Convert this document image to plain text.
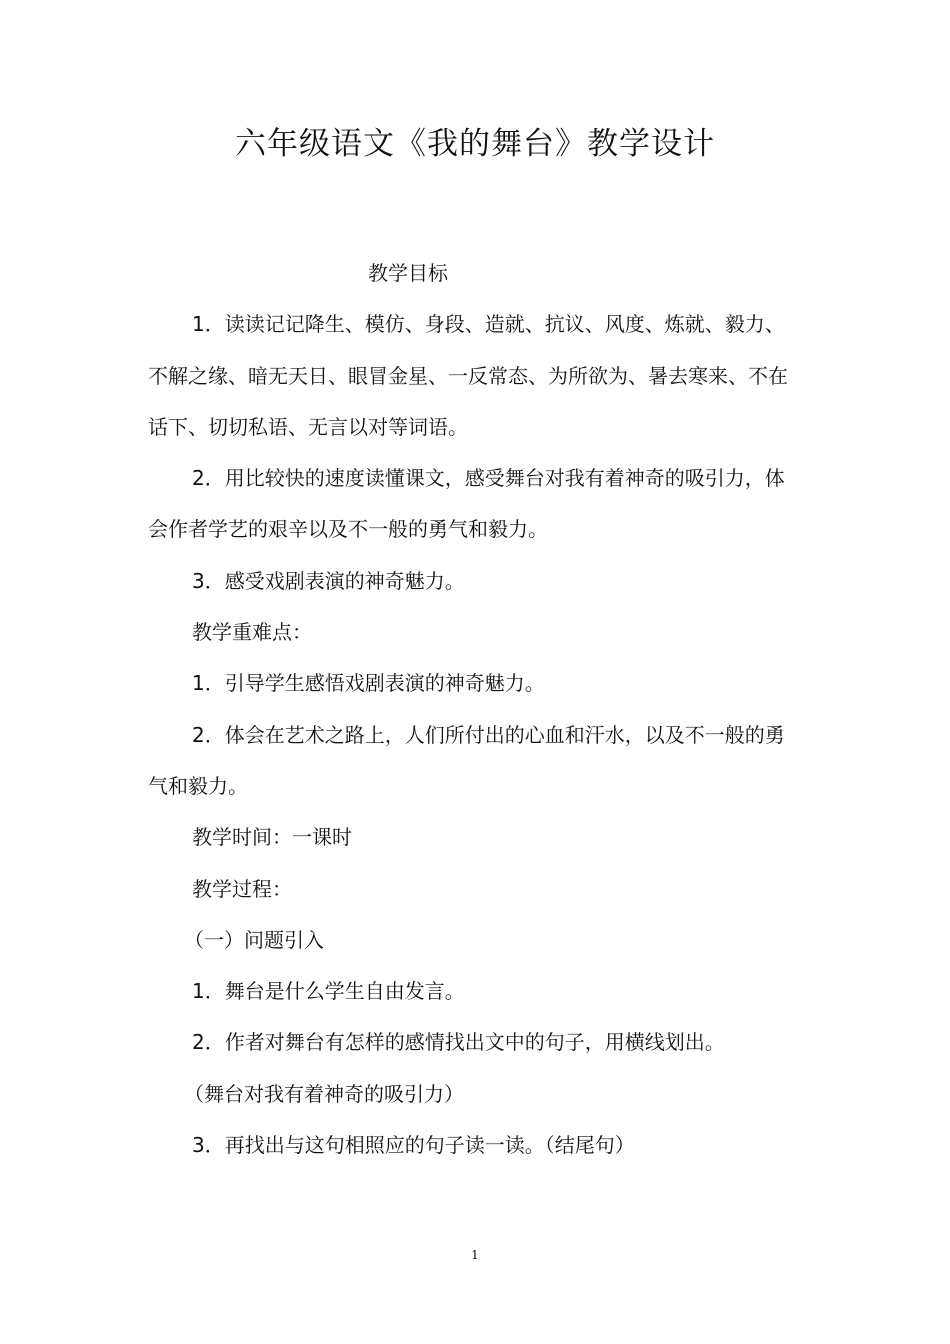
六年级语文《我的舞台》教学设计

教学目标

1．读读记记降生、模仿、身段、造就、抗议、风度、炼就、毅力、不解之缘、暗无天日、眼冒金星、一反常态、为所欲为、暑去寒来、不在话下、切切私语、无言以对等词语。

2．用比较快的速度读懂课文，感受舞台对我有着神奇的吸引力，体会作者学艺的艰辛以及不一般的勇气和毅力。

3．感受戏剧表演的神奇魅力。

教学重难点：

1．引导学生感悟戏剧表演的神奇魅力。

2．体会在艺术之路上，人们所付出的心血和汗水，以及不一般的勇气和毅力。

教学时间：一课时

教学过程：

（一）问题引入

1．舞台是什么学生自由发言。

2．作者对舞台有怎样的感情找出文中的句子，用横线划出。

（舞台对我有着神奇的吸引力）

3．再找出与这句相照应的句子读一读。（结尾句）

1
